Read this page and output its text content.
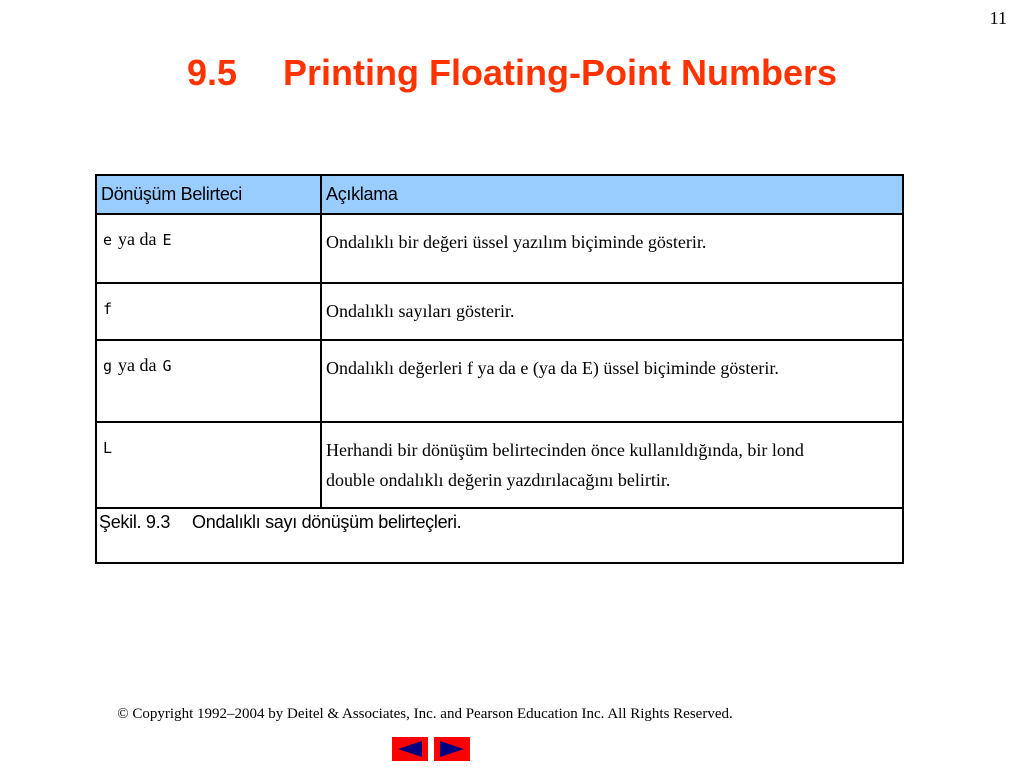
11
9.5 Printing Floating-Point Numbers
Dönüşüm Belirteci	Açıklama
e ya da E	Ondalıklı bir değeri üssel yazılım biçiminde gösterir.
f	Ondalıklı sayıları gösterir.
g ya da G	Ondalıklı değerleri f ya da e (ya da E) üssel biçiminde gösterir.
L	Herhandi bir dönüşüm belirtecinden önce kullanıldığında, bir lond
double ondalıklı değerin yazdırılacağını belirtir.
Şekil. 9.3 Ondalıklı sayı dönüşüm belirteçleri.	
© Copyright 1992–2004 by Deitel & Associates, Inc. and Pearson Education Inc. All Rights Reserved.
